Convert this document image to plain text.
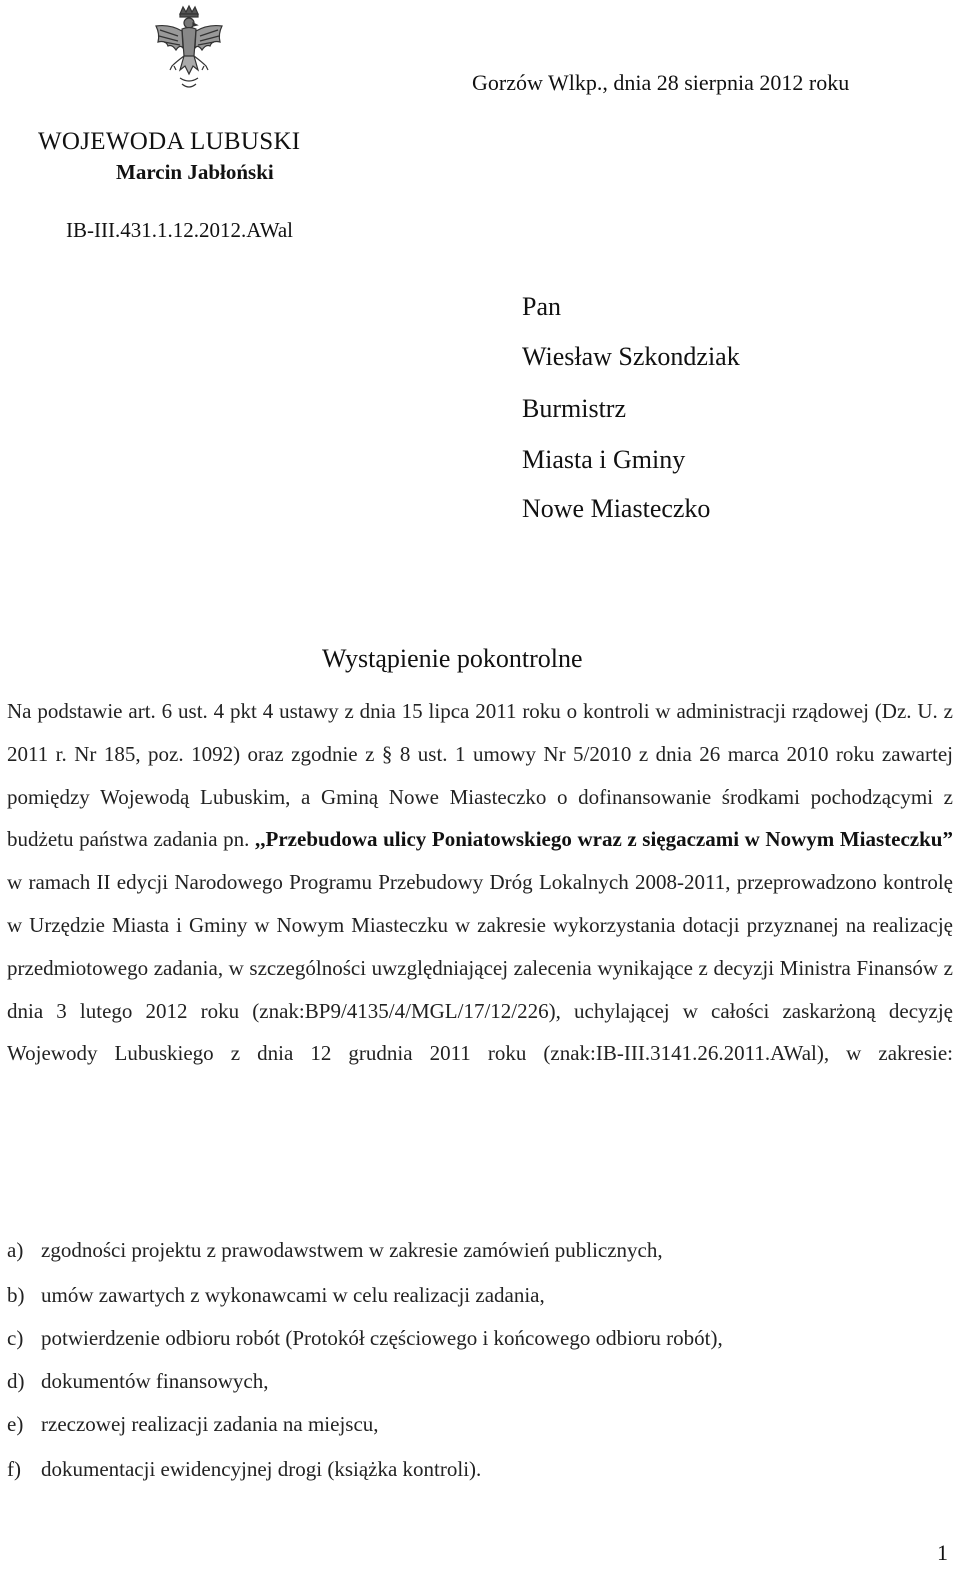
Gorzów Wlkp., dnia 28 sierpnia 2012 roku
WOJEWODA LUBUSKI
Marcin Jabłoński
IB-III.431.1.12.2012.AWal
Pan
Wiesław Szkondziak
Burmistrz
Miasta i Gminy
Nowe Miasteczko
Wystąpienie pokontrolne
Na podstawie art. 6 ust. 4 pkt 4 ustawy z dnia 15 lipca 2011 roku o kontroli w administracji rządowej (Dz. U. z 2011 r. Nr 185, poz. 1092) oraz zgodnie z § 8 ust. 1 umowy Nr 5/2010 z dnia 26 marca 2010 roku zawartej pomiędzy Wojewodą Lubuskim, a Gminą Nowe Miasteczko o dofinansowanie środkami pochodzącymi z budżetu państwa zadania pn. ,,Przebudowa ulicy Poniatowskiego wraz z sięgaczami w Nowym Miasteczku” w ramach II edycji Narodowego Programu Przebudowy Dróg Lokalnych 2008-2011, przeprowadzono kontrolę w Urzędzie Miasta i Gminy w Nowym Miasteczku w zakresie wykorzystania dotacji przyznanej na realizację przedmiotowego zadania, w szczególności uwzględniającej zalecenia wynikające z decyzji Ministra Finansów z dnia 3 lutego 2012 roku (znak:BP9/4135/4/MGL/17/12/226), uchylającej w całości zaskarżoną decyzję Wojewody Lubuskiego z dnia 12 grudnia 2011 roku (znak:IB-III.3141.26.2011.AWal), w zakresie:
a) zgodności projektu z prawodawstwem w zakresie zamówień publicznych,
b) umów zawartych z wykonawcami w celu realizacji zadania,
c) potwierdzenie odbioru robót (Protokół częściowego i końcowego odbioru robót),
d) dokumentów finansowych,
e) rzeczowej realizacji zadania na miejscu,
f) dokumentacji ewidencyjnej drogi (książka kontroli).
1
